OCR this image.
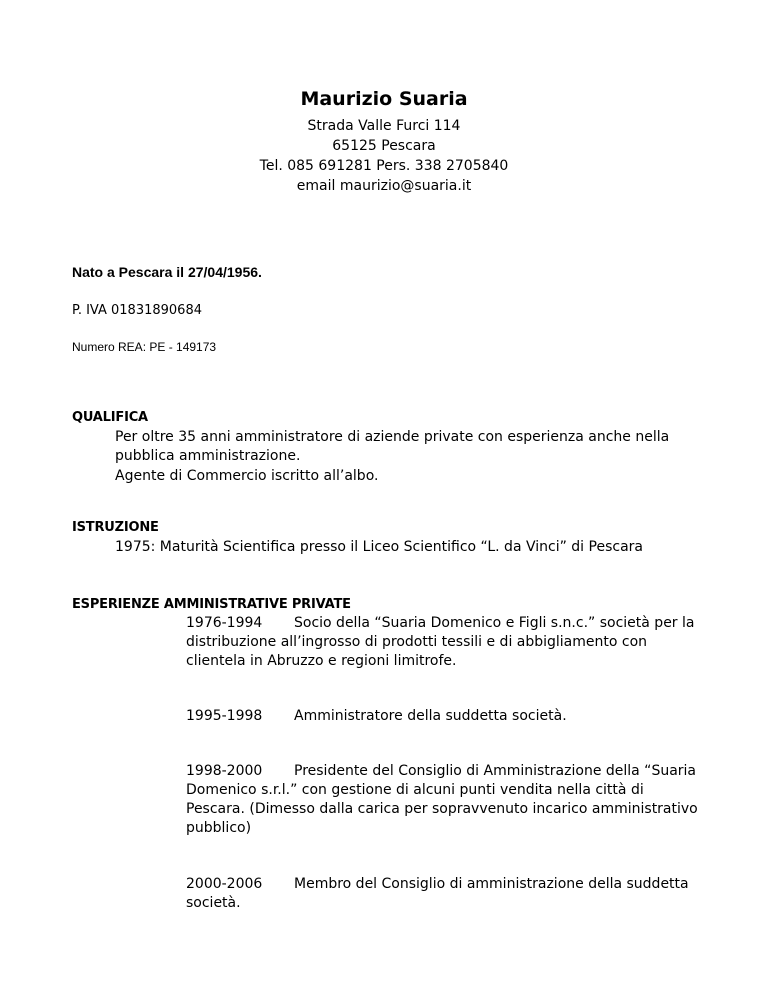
Maurizio Suaria
Strada Valle Furci 114
65125 Pescara
Tel. 085 691281 Pers. 338 2705840
email maurizio@suaria.it
Nato a Pescara il 27/04/1956.
P. IVA 01831890684
Numero REA: PE - 149173
QUALIFICA
Per oltre 35 anni amministratore di aziende private con esperienza anche nella pubblica amministrazione.
Agente di Commercio iscritto all’albo.
ISTRUZIONE
1975: Maturità Scientifica presso il Liceo Scientifico “L. da Vinci” di Pescara
ESPERIENZE AMMINISTRATIVE PRIVATE
1976-1994 Socio della “Suaria Domenico e Figli s.n.c.” società per la distribuzione all’ingrosso di prodotti tessili e di abbigliamento con clientela in Abruzzo e regioni limitrofe.
1995-1998 Amministratore della suddetta società.
1998-2000 Presidente del Consiglio di Amministrazione della “Suaria Domenico s.r.l.” con gestione di alcuni punti vendita nella città di Pescara. (Dimesso dalla carica per sopravvenuto incarico amministrativo pubblico)
2000-2006 Membro del Consiglio di amministrazione della suddetta società.
